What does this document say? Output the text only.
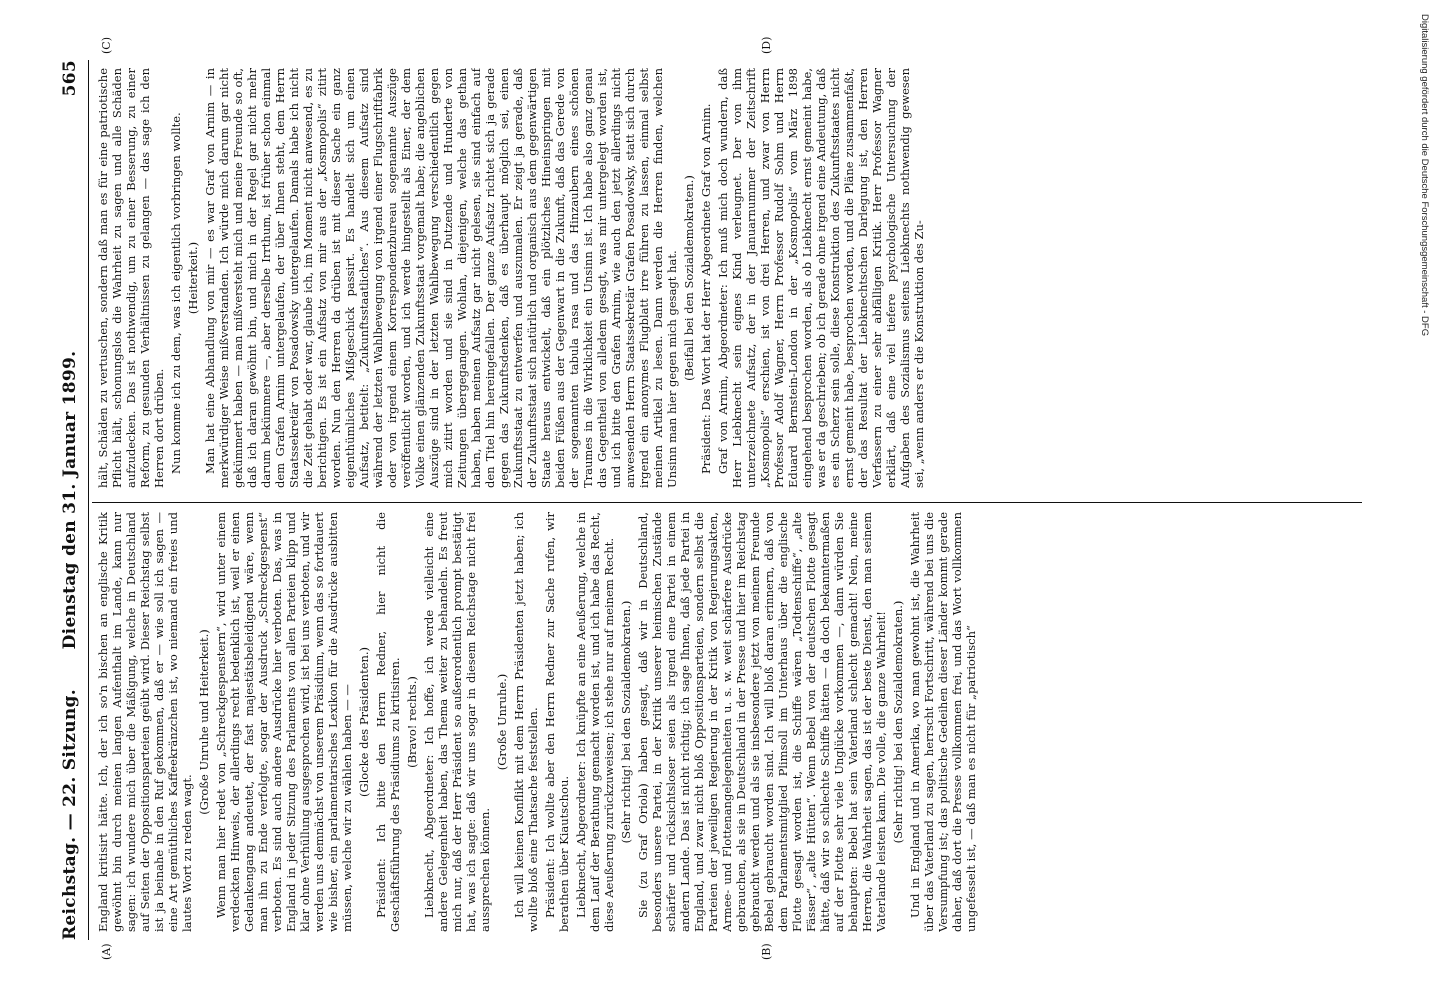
Reichstag. — 22. Sitzung.
Dienstag den 31. Januar 1899.
565
(A)	(B)
(C)	(D)

England kritisirt hätte. Ich, der ich so'n bischen an englische Kritik gewöhnt bin durch meinen langen Aufenthalt im Lande, kann nur sagen: ich wundere mich über die Mäßigung, welche in Deutschland auf Seiten der Oppositionsparteien geübt wird. Dieser Reichstag selbst ist ja beinahe in den Ruf gekommen, daß er — wie soll ich sagen — eine Art gemüthliches Kaffeekränzchen ist, wo niemand ein freies und lautes Wort zu reden wagt.

(Große Unruhe und Heiterkeit.) Wenn man hier redet von „Schreckgespenstern“, wird unter einem verdeckten Hinweis, der allerdings recht bedenklich ist, weil er einen Gedankengang andeutet, der fast majestätsbeleidigend wäre, wenn man ihn zu Ende verfolgte, sogar der Ausdruck „Schreckgespenst“ verboten. Es sind auch andere Ausdrücke hier verboten. Das, was in England in jeder Sitzung des Parlaments von allen Parteien klipp und klar ohne Verhüllung ausgesprochen wird, ist bei uns verboten, und wir werden uns demnächst von unserem Präsidium, wenn das so fortdauert wie bisher, ein parlamentarisches Lexikon für die Ausdrücke ausbitten müssen, welche wir zu wählen haben — — (Glocke des Präsidenten.) Präsident: Ich bitte den Herrn Redner, hier nicht die Geschäftsführung des Präsidiums zu kritisiren. (Bravo! rechts.) Liebknecht, Abgeordneter: Ich hoffe, ich werde vielleicht eine andere Gelegenheit haben, das Thema weiter zu behandeln. Es freut mich nur, daß der Herr Präsident so außerordentlich prompt bestätigt hat, was ich sagte: daß wir uns sogar in diesem Reichstage nicht frei aussprechen können.

(Große Unruhe.) Ich will keinen Konflikt mit dem Herrn Präsidenten jetzt haben; ich wollte bloß eine Thatsache feststellen. Präsident: Ich wollte aber den Herrn Redner zur Sache rufen, wir berathen über Kiautschou. Liebknecht, Abgeordneter: Ich knüpfte an eine Aeußerung, welche in dem Lauf der Berathung gemacht worden ist, und ich habe das Recht, diese Aeußerung zurückzuweisen; ich stehe nur auf meinem Recht. (Sehr richtig! bei den Sozialdemokraten.) Sie (zu Graf Oriola) haben gesagt, daß wir in Deutschland, besonders unsere Partei, in der Kritik unserer heimischen Zustände schärfer und rücksichtsloser seien als irgend eine Partei in einem andern Lande. Das ist nicht richtig; ich sage Ihnen, daß jede Partei in England, und zwar nicht bloß Oppositionsparteien, sondern selbst die Parteien der jeweiligen Regierung in der Kritik von Regierungsakten, Armee- und Flottenangelegenheiten u. s. w. weit schärfere Ausdrücke gebrauchen, als sie in Deutschland in der Presse und hier im Reichstag gebraucht werden und als sie insbesondere jetzt von meinem Freunde Bebel gebraucht worden sind. Ich will bloß daran erinnern, daß von dem Parlamentsmitglied Plimsoll im Unterhaus über die englische Flotte gesagt worden ist, die Schiffe wären „Todtenschiffe“, „alte Fässer“, „alte Hütten“. Wenn Bebel von der deutschen Flotte gesagt hätte, daß wir so schlechte Schiffe hätten — da doch bekanntermaßen auf der Flotte sehr viele Unglücke vorkommen —, dann würden Sie behaupten: Bebel hat sein Vaterland schlecht gemacht! Nein, meine Herren, die Wahrheit sagen, das ist der beste Dienst, den man seinem Vaterlande leisten kann. Die volle, die ganze Wahrheit! (Sehr richtig! bei den Sozialdemokraten.) Und in England und in Amerika, wo man gewohnt ist, die Wahrheit über das Vaterland zu sagen, herrscht Fortschritt, während bei uns die Versumpfung ist; das politische Gedeihen dieser Länder kommt gerade daher, daß dort die Presse vollkommen frei, und das Wort vollkommen ungefesselt ist, — daß man es nicht für „patriotisch“

hält, Schäden zu vertuschen, sondern daß man es für eine patriotische Pflicht hält, schonungslos die Wahrheit zu sagen und alle Schäden aufzudecken. Das ist nothwendig, um zu einer Besserung, zu einer Reform, zu gesunden Verhältnissen zu gelangen — das sage ich den Herren dort drüben. Nun komme ich zu dem, was ich eigentlich vorbringen wollte. (Heiterkeit.) Man hat eine Abhandlung von mir — es war Graf von Arnim — in merkwürdiger Weise mißverstanden. Ich würde mich darum gar nicht gekümmert haben — man mißversteht mich und meine Freunde so oft, daß ich daran gewöhnt bin, und mich in der Regel gar nicht mehr darum bekümmere —, aber derselbe Irrthum, ist früher schon einmal dem Grafen Arnim untergelaufen, der über Ihnen steht, dem Herrn Staatssekretär von Posadowsky untergelaufen. Damals habe ich nicht die Zeit gehabt oder war, glaube ich, im Moment nicht anwesend, es zu berichtigen. Es ist ein Aufsatz von mir aus der „Kosmopolis“ zitirt worden. Nun den Herren da drüben ist mit dieser Sache ein ganz eigenthümliches Mißgeschick passirt. Es handelt sich um einen Aufsatz, betitelt: „Zukunftsstaatliches“. Aus diesem Aufsatz sind während der letzten Wahlbewegung von irgend einer Flugschriftfabrik oder von irgend einem Korrespondenzbureau sogenannte Auszüge veröffentlicht worden, und ich werde hingestellt als Einer, der dem Volke einen glänzenden Zukunftsstaat vorgemalt habe; die angeblichen Auszüge sind in der letzten Wahlbewegung verschiedentlich gegen mich zitirt worden und sie sind in Dutzende und Hunderte von Zeitungen übergegangen. Wohlan, diejenigen, welche das gethan haben, haben meinen Aufsatz gar nicht gelesen, sie sind einfach auf den Titel hin hereingefallen. Der ganze Aufsatz richtet sich ja gerade gegen das Zukunftsdenken, daß es überhaupt möglich sei, einen Zukunftsstaat zu entwerfen und auszumalen. Er zeigt ja gerade, daß der Zukunftsstaat sich natürlich und organisch aus dem gegenwärtigen Staate heraus entwickelt, daß ein plötzliches Hineinspringen mit beiden Füßen aus der Gegenwart in die Zukunft, daß das Gerede von der sogenannten tabula rasa und das Hinzaubern eines schönen Traumes in die Wirklichkeit ein Unsinn ist. Ich habe also ganz genau das Gegentheil von alledem gesagt, was mir untergelegt worden ist, und ich bitte den Grafen Arnim, wie auch den jetzt allerdings nicht anwesenden Herrn Staatssekretär Grafen Posadowsky, statt sich durch irgend ein anonymes Flugblatt irre führen zu lassen, einmal selbst meinen Artikel zu lesen. Dann werden die Herren finden, welchen Unsinn man hier gegen mich gesagt hat. (Beifall bei den Sozialdemokraten.) Präsident: Das Wort hat der Herr Abgeordnete Graf von Arnim. Graf von Arnim, Abgeordneter: Ich muß mich doch wundern, daß Herr Liebknecht sein eignes Kind verleugnet. Der von ihm unterzeichnete Aufsatz, der in der Januarnummer der Zeitschrift „Kosmopolis“ erschien, ist von drei Herren, und zwar von Herrn Professor Adolf Wagner, Herrn Professor Rudolf Sohm und Herrn Eduard Bernstein-London in der „Kosmopolis“ vom März 1898 eingehend besprochen worden, als ob Liebknecht ernst gemeint habe, was er da geschrieben; ob ich gerade ohne irgend eine Andeutung, daß es ein Scherz sein solle, diese Konstruktion des Zukunftsstaates nicht ernst gemeint habe, besprochen worden, und die Pläne zusammenfaßt, der das Resultat der Liebknechtschen Darlegung ist, den Herren Verfassern zu einer sehr abfälligen Kritik. Herr Professor Wagner erklärt, daß eine viel tiefere psychologische Untersuchung der Aufgaben des Sozialismus seitens Liebknechts nothwendig gewesen sei, „wenn anders er die Konstruktion des Zu-

Digitalisierung gefördert durch die Deutsche Forschungsgemeinschaft - DFG
